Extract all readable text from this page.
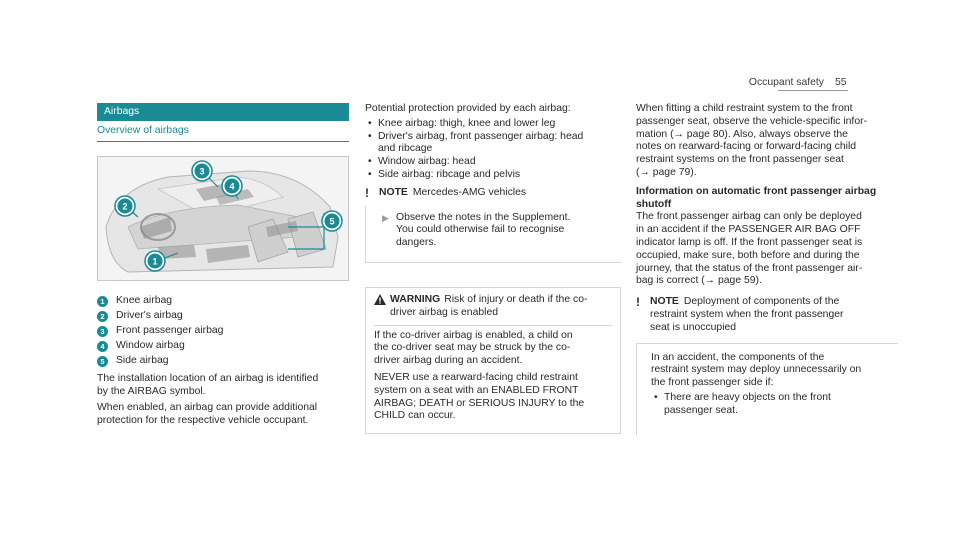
Occupant safety 55
Airbags
Overview of airbags
1
2
3
4
5
1	Knee airbag
2	Driver's airbag
3	Front passenger airbag
4	Window airbag
5	Side airbag

The installation location of an airbag is identified
by the AIRBAG symbol.

When enabled, an airbag can provide additional
protection for the respective vehicle occupant.

Potential protection provided by each airbag:

• Knee airbag: thigh, knee and lower leg
• Driver's airbag, front passenger airbag: head
and ribcage
• Window airbag: head
• Side airbag: ribcage and pelvis
! NOTE Mercedes-AMG vehicles
▶ Observe the notes in the Supplement.
You could otherwise fail to recognise
dangers.
WARNING Risk of injury or death if the co-
driver airbag is enabled

If the co-driver airbag is enabled, a child on
the co-driver seat may be struck by the co-
driver airbag during an accident.

NEVER use a rearward-facing child restraint
system on a seat with an ENABLED FRONT
AIRBAG; DEATH or SERIOUS INJURY to the
CHILD can occur.

When fitting a child restraint system to the front
passenger seat, observe the vehicle-specific infor-
mation (→ page 80). Also, always observe the
notes on rearward-facing or forward-facing child
restraint systems on the front passenger seat
(→ page 79).

Information on automatic front passenger airbag
shutoff

The front passenger airbag can only be deployed
in an accident if the PASSENGER AIR BAG OFF
indicator lamp is off. If the front passenger seat is
occupied, make sure, both before and during the
journey, that the status of the front passenger air-
bag is correct (→ page 59).

! NOTE Deployment of components of the
restraint system when the front passenger
seat is unoccupied

In an accident, the components of the
restraint system may deploy unnecessarily on
the front passenger side if:

• There are heavy objects on the front
passenger seat.
